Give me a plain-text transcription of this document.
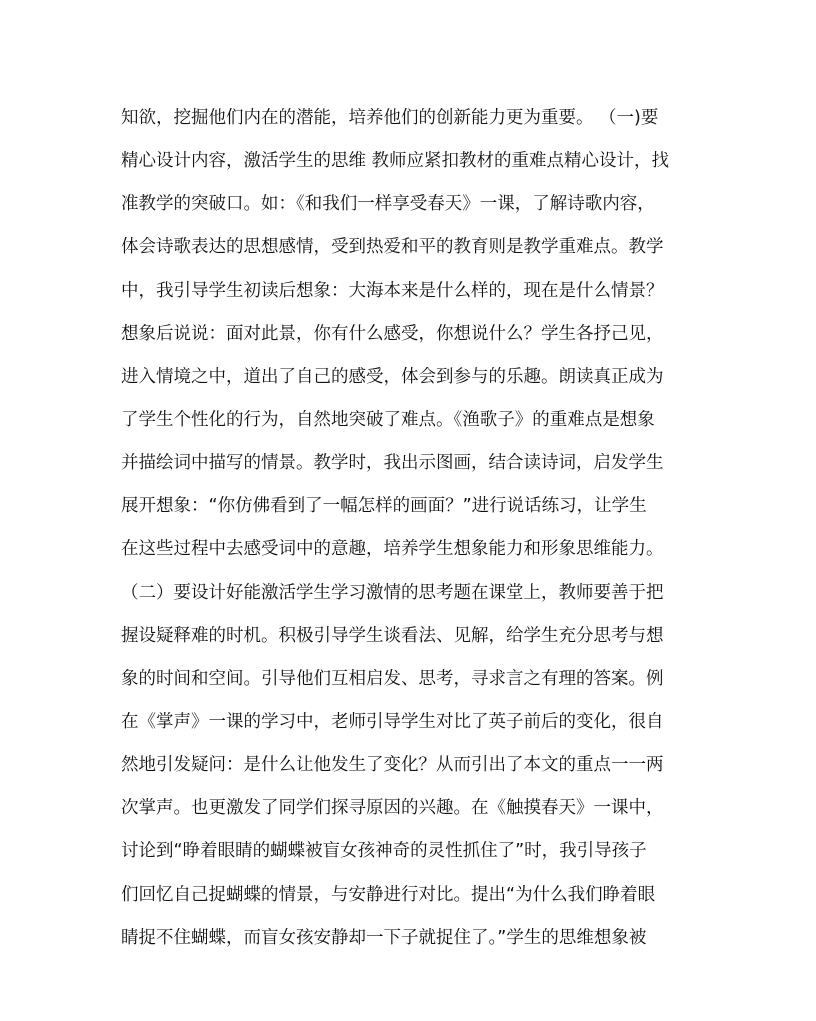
知欲，挖掘他们内在的潜能，培养他们的创新能力更为重要。 （一)要
精心设计内容，激活学生的思维 教师应紧扣教材的重难点精心设计，找
准教学的突破口。如：《和我们一样享受春天》一课，了解诗歌内容，
体会诗歌表达的思想感情，受到热爱和平的教育则是教学重难点。教学
中，我引导学生初读后想象：大海本来是什么样的，现在是什么情景？
想象后说说：面对此景，你有什么感受，你想说什么？学生各抒己见，
进入情境之中，道出了自己的感受，体会到参与的乐趣。朗读真正成为
了学生个性化的行为，自然地突破了难点。《渔歌子》的重难点是想象
并描绘词中描写的情景。教学时，我出示图画，结合读诗词，启发学生
展开想象：“你仿佛看到了一幅怎样的画面？”进行说话练习，让学生
在这些过程中去感受词中的意趣，培养学生想象能力和形象思维能力。
（二）要设计好能激活学生学习激情的思考题在课堂上，教师要善于把
握设疑释难的时机。积极引导学生谈看法、见解，给学生充分思考与想
象的时间和空间。引导他们互相启发、思考，寻求言之有理的答案。例
在《掌声》一课的学习中，老师引导学生对比了英子前后的变化，很自
然地引发疑问：是什么让他发生了变化？从而引出了本文的重点一一两
次掌声。也更激发了同学们探寻原因的兴趣。在《触摸春天》一课中，
讨论到“睁着眼睛的蝴蝶被盲女孩神奇的灵性抓住了”时，我引导孩子
们回忆自己捉蝴蝶的情景，与安静进行对比。提出“为什么我们睁着眼
睛捉不住蝴蝶，而盲女孩安静却一下子就捉住了。”学生的思维想象被
